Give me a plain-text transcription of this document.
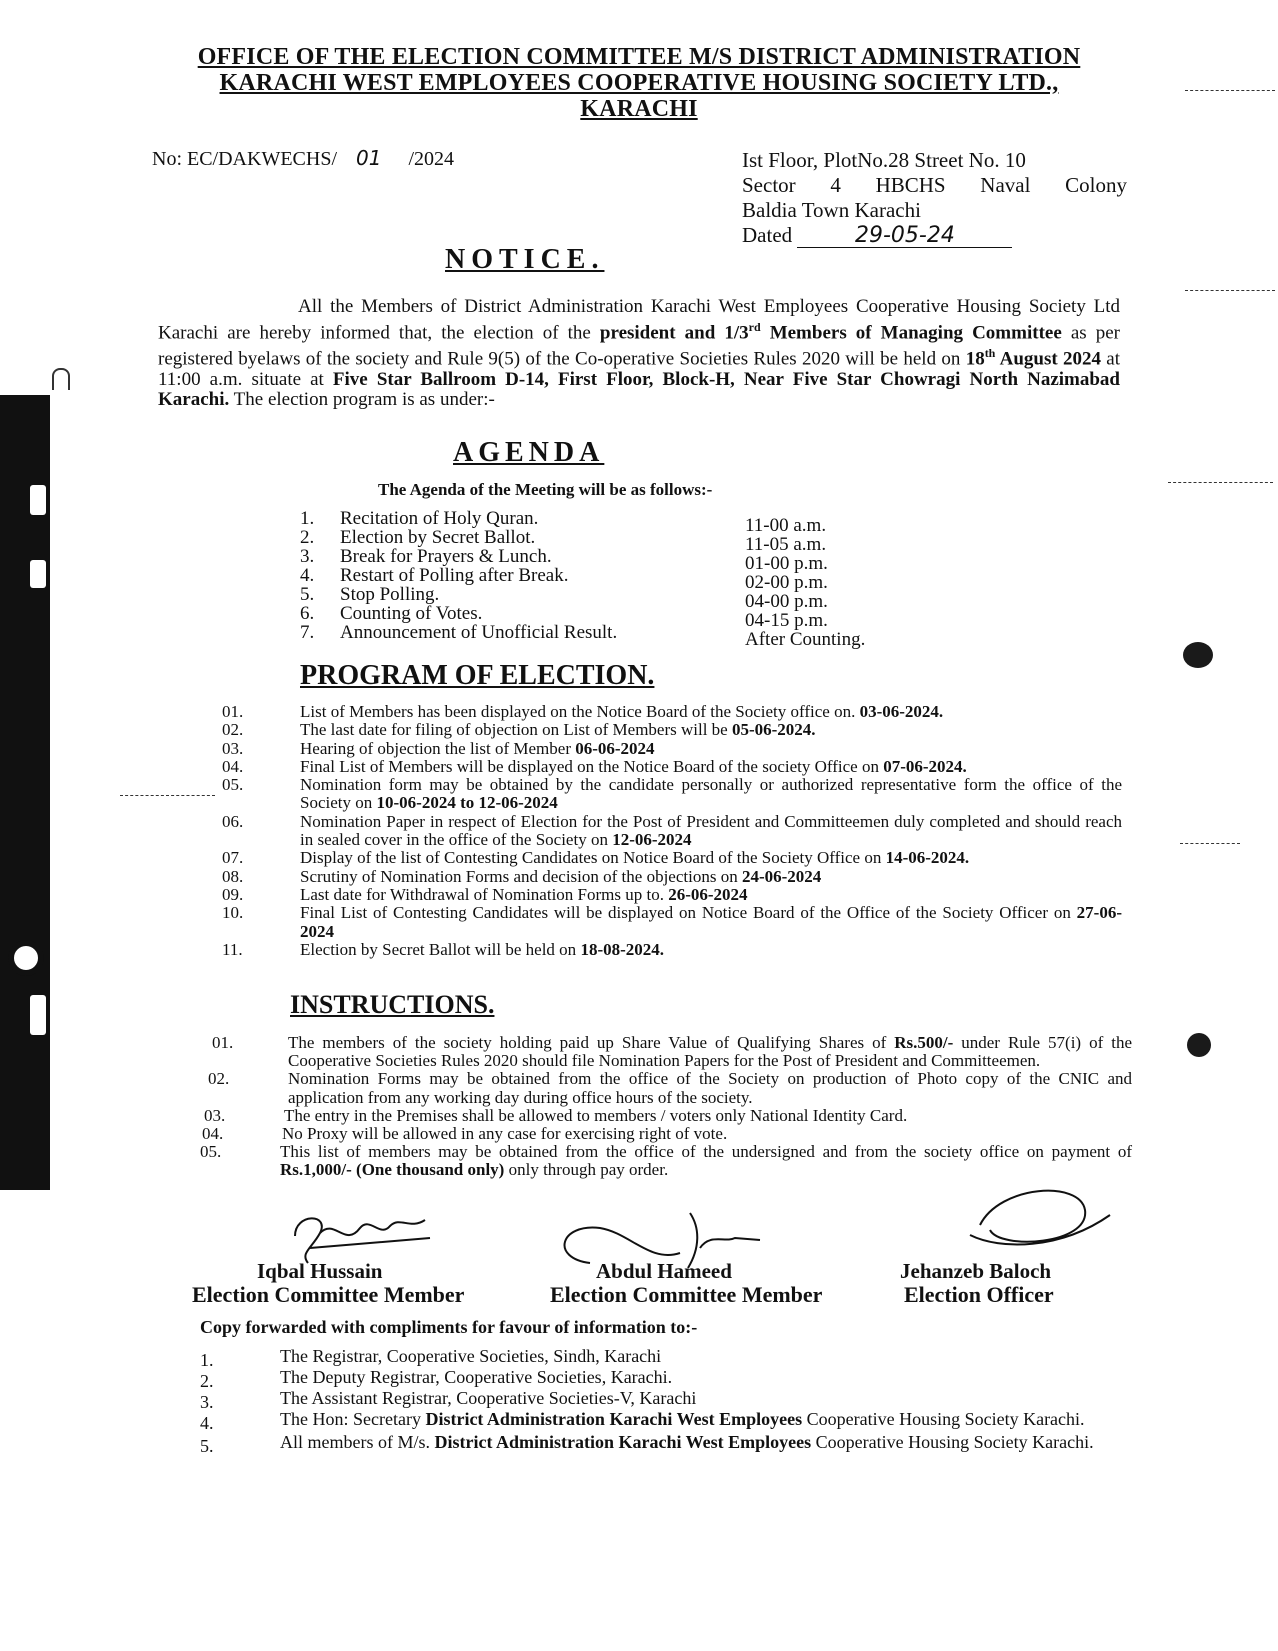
OFFICE OF THE ELECTION COMMITTEE M/S DISTRICT ADMINISTRATION
KARACHI WEST EMPLOYEES COOPERATIVE HOUSING SOCIETY LTD.,
KARACHI
No: EC/DAKWECHS/ 01 /2024	Ist Floor, PlotNo.28 Street No. 10
Sector 4 HBCHS Naval Colony
Baldia Town Karachi
Dated	29-05-24
NOTICE.
All the Members of District Administration Karachi West Employees Cooperative Housing Society Ltd Karachi are hereby informed that, the election of the president and 1/3rd Members of Managing Committee as per registered byelaws of the society and Rule 9(5) of the Co-operative Societies Rules 2020 will be held on 18th August 2024 at 11:00 a.m. situate at Five Star Ballroom D-14, First Floor, Block-H, Near Five Star Chowragi North Nazimabad Karachi. The election program is as under:-
AGENDA
The Agenda of the Meeting will be as follows:-
1. Recitation of Holy Quran.	11-00 a.m.
2. Election by Secret Ballot.	11-05 a.m.
3. Break for Prayers & Lunch.	01-00 p.m.
4. Restart of Polling after Break.	02-00 p.m.
5. Stop Polling.	04-00 p.m.
6. Counting of Votes.	04-15 p.m.
7. Announcement of Unofficial Result.	After Counting.
PROGRAM OF ELECTION.
01.	List of Members has been displayed on the Notice Board of the Society office on. 03-06-2024.
02.	The last date for filing of objection on List of Members will be 05-06-2024.
03.	Hearing of objection the list of Member 06-06-2024
04.	Final List of Members will be displayed on the Notice Board of the society Office on 07-06-2024.
05.	Nomination form may be obtained by the candidate personally or authorized representative form the office of the Society on 10-06-2024 to 12-06-2024
06.	Nomination Paper in respect of Election for the Post of President and Committeemen duly completed and should reach in sealed cover in the office of the Society on 12-06-2024
07.	Display of the list of Contesting Candidates on Notice Board of the Society Office on 14-06-2024.
08.	Scrutiny of Nomination Forms and decision of the objections on 24-06-2024
09.	Last date for Withdrawal of Nomination Forms up to. 26-06-2024
10.	Final List of Contesting Candidates will be displayed on Notice Board of the Office of the Society Officer on 27-06-2024
11.	Election by Secret Ballot will be held on 18-08-2024.
INSTRUCTIONS.
01.	The members of the society holding paid up Share Value of Qualifying Shares of Rs.500/- under Rule 57(i) of the Cooperative Societies Rules 2020 should file Nomination Papers for the Post of President and Committeemen.
02.	Nomination Forms may be obtained from the office of the Society on production of Photo copy of the CNIC and application from any working day during office hours of the society.
03.	The entry in the Premises shall be allowed to members / voters only National Identity Card.
04.	No Proxy will be allowed in any case for exercising right of vote.
05.	This list of members may be obtained from the office of the undersigned and from the society office on payment of Rs.1,000/- (One thousand only) only through pay order.
Iqbal Hussain
Election Committee Member
Abdul Hameed
Election Committee Member
Jehanzeb Baloch
Election Officer
Copy forwarded with compliments for favour of information to:-
1.	The Registrar, Cooperative Societies, Sindh, Karachi
2.	The Deputy Registrar, Cooperative Societies, Karachi.
3.	The Assistant Registrar, Cooperative Societies-V, Karachi
4.	The Hon: Secretary District Administration Karachi West Employees Cooperative Housing Society Karachi.
5.	All members of M/s. District Administration Karachi West Employees Cooperative Housing Society Karachi.
